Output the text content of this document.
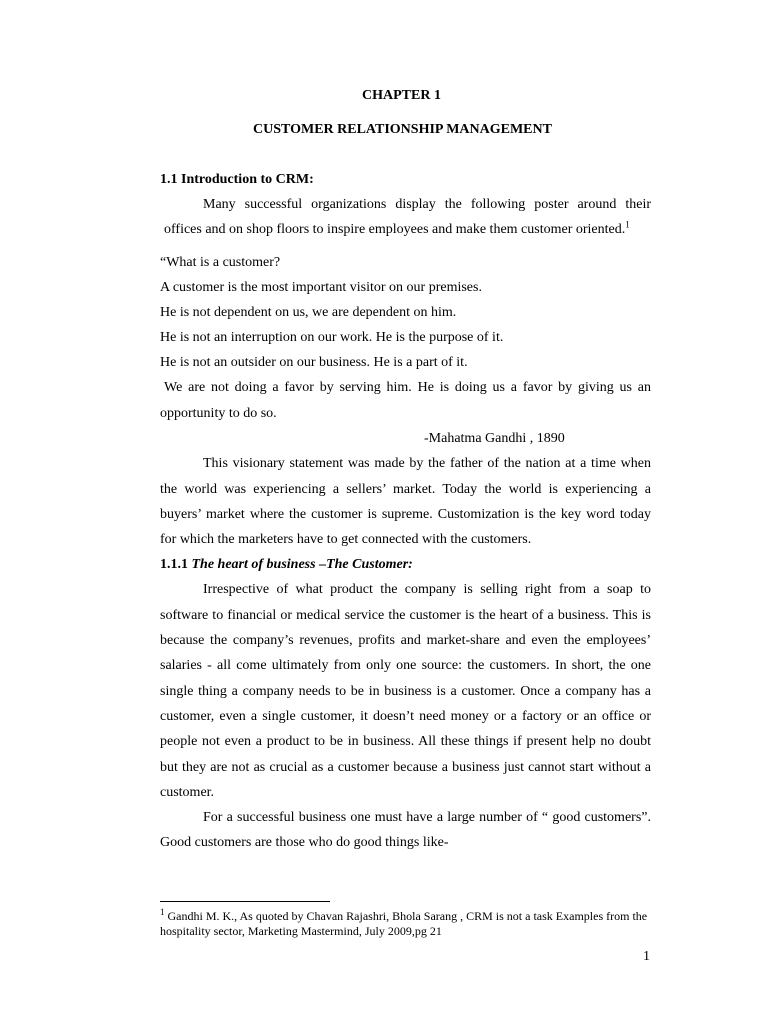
CHAPTER 1
CUSTOMER RELATIONSHIP MANAGEMENT
1.1 Introduction to CRM:
Many successful organizations display the following poster around their
offices and on shop floors to inspire employees and make them customer oriented.$^1$
“What is a customer?
A customer is the most important visitor on our premises.
He is not dependent on us, we are dependent on him.
He is not an interruption on our work. He is the purpose of it.
He is not an outsider on our business. He is a part of it.
We are not doing a favor by serving him. He is doing us a favor by giving us an
opportunity to do so.
-Mahatma Gandhi , 1890
This visionary statement was made by the father of the nation at a time when
the world was experiencing a sellers’ market. Today the world is experiencing a
buyers’ market where the customer is supreme. Customization is the key word today
for which the marketers have to get connected with the customers.
1.1.1 The heart of business –The Customer:
Irrespective of what product the company is selling right from a soap to
software to financial or medical service the customer is the heart of a business. This is
because the company’s revenues, profits and market-share and even the employees’
salaries - all come ultimately from only one source: the customers. In short, the one
single thing a company needs to be in business is a customer. Once a company has a
customer, even a single customer, it doesn’t need money or a factory or an office or
people not even a product to be in business. All these things if present help no doubt
but they are not as crucial as a customer because a business just cannot start without a
customer.
For a successful business one must have a large number of “ good customers”.
Good customers are those who do good things like-
$^1$ Gandhi M. K., As quoted by Chavan Rajashri, Bhola Sarang , CRM is not a task Examples from the
hospitality sector, Marketing Mastermind, July 2009,pg 21
1
